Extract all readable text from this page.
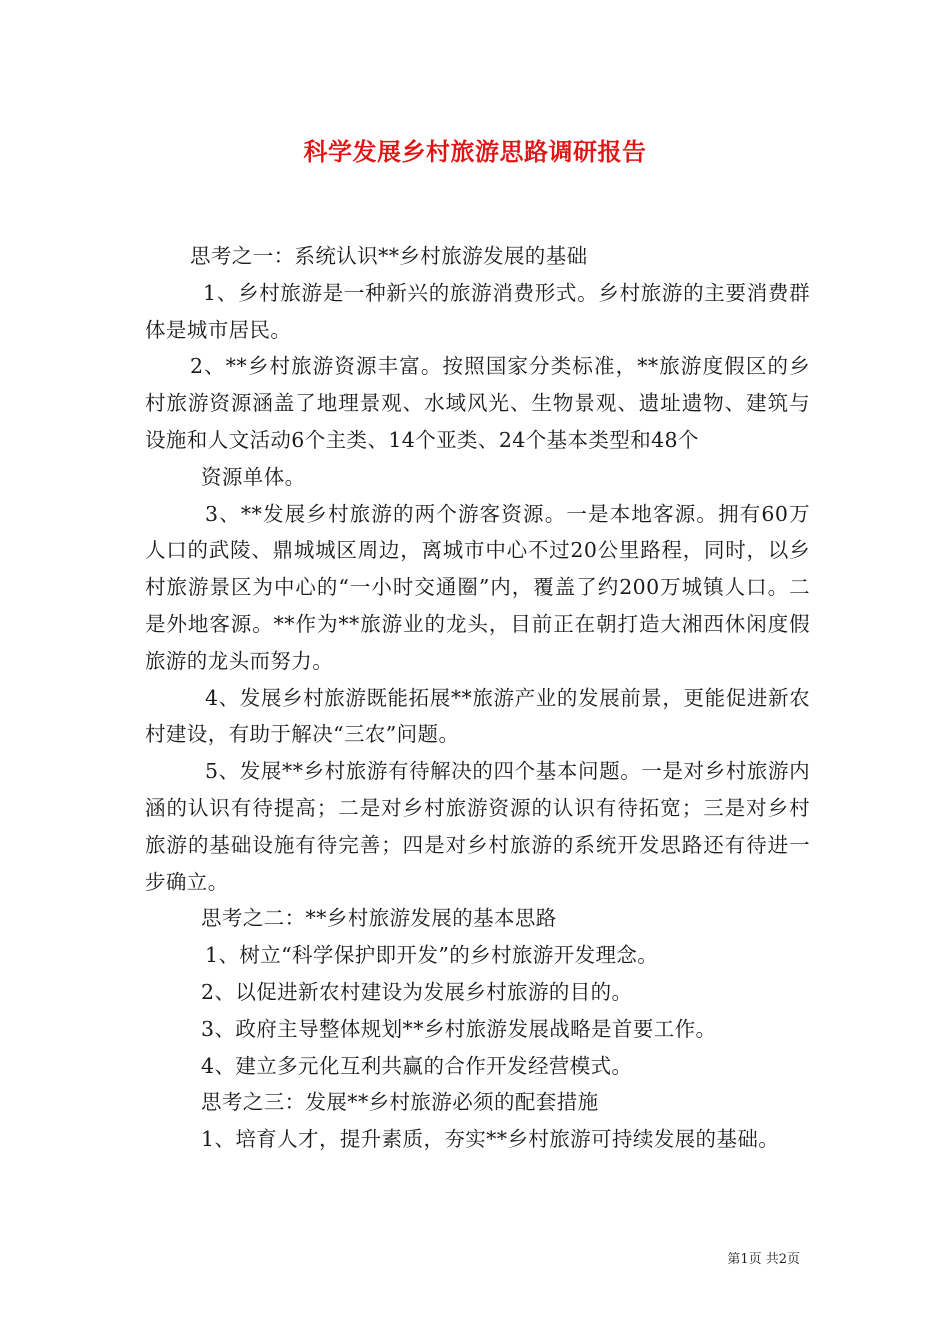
科学发展乡村旅游思路调研报告

思考之一：系统认识**乡村旅游发展的基础

1、乡村旅游是一种新兴的旅游消费形式。乡村旅游的主要消费群体是城市居民。

2、**乡村旅游资源丰富。按照国家分类标准，**旅游度假区的乡村旅游资源涵盖了地理景观、水域风光、生物景观、遗址遗物、建筑与设施和人文活动6个主类、14个亚类、24个基本类型和48个

资源单体。

3、**发展乡村旅游的两个游客资源。一是本地客源。拥有60万人口的武陵、鼎城城区周边，离城市中心不过20公里路程，同时，以乡村旅游景区为中心的“一小时交通圈”内，覆盖了约200万城镇人口。二是外地客源。**作为**旅游业的龙头，目前正在朝打造大湘西休闲度假旅游的龙头而努力。

4、发展乡村旅游既能拓展**旅游产业的发展前景，更能促进新农村建设，有助于解决“三农”问题。

5、发展**乡村旅游有待解决的四个基本问题。一是对乡村旅游内涵的认识有待提高；二是对乡村旅游资源的认识有待拓宽；三是对乡村旅游的基础设施有待完善；四是对乡村旅游的系统开发思路还有待进一步确立。

思考之二：**乡村旅游发展的基本思路

1、树立“科学保护即开发”的乡村旅游开发理念。

2、以促进新农村建设为发展乡村旅游的目的。

3、政府主导整体规划**乡村旅游发展战略是首要工作。

4、建立多元化互利共赢的合作开发经营模式。

思考之三：发展**乡村旅游必须的配套措施

1、培育人才，提升素质，夯实**乡村旅游可持续发展的基础。

第1页 共2页
